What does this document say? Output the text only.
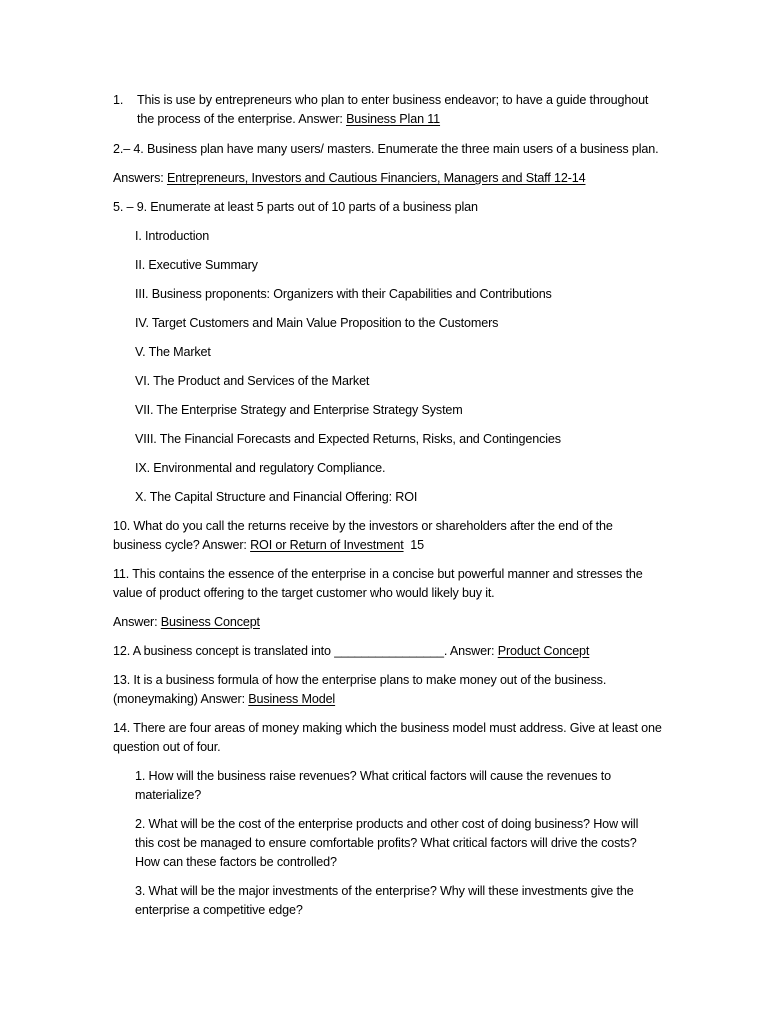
1. This is use by entrepreneurs who plan to enter business endeavor; to have a guide throughout
the process of the enterprise. Answer: Business Plan 11
2.– 4. Business plan have many users/ masters. Enumerate the three main users of a business plan.
Answers: Entrepreneurs, Investors and Cautious Financiers, Managers and Staff 12-14
5. – 9. Enumerate at least 5 parts out of 10 parts of a business plan
I. Introduction
II. Executive Summary
III. Business proponents: Organizers with their Capabilities and Contributions
IV. Target Customers and Main Value Proposition to the Customers
V. The Market
VI. The Product and Services of the Market
VII. The Enterprise Strategy and Enterprise Strategy System
VIII. The Financial Forecasts and Expected Returns, Risks, and Contingencies
IX. Environmental and regulatory Compliance.
X. The Capital Structure and Financial Offering: ROI
10. What do you call the returns receive by the investors or shareholders after the end of the
business cycle? Answer: ROI or Return of Investment  15
11. This contains the essence of the enterprise in a concise but powerful manner and stresses the
value of product offering to the target customer who would likely buy it.
Answer: Business Concept
12. A business concept is translated into ________________. Answer: Product Concept
13. It is a business formula of how the enterprise plans to make money out of the business.
(moneymaking) Answer: Business Model
14. There are four areas of money making which the business model must address. Give at least one
question out of four.
1. How will the business raise revenues? What critical factors will cause the revenues to
materialize?
2. What will be the cost of the enterprise products and other cost of doing business? How will
this cost be managed to ensure comfortable profits? What critical factors will drive the costs?
How can these factors be controlled?
3. What will be the major investments of the enterprise? Why will these investments give the
enterprise a competitive edge?
